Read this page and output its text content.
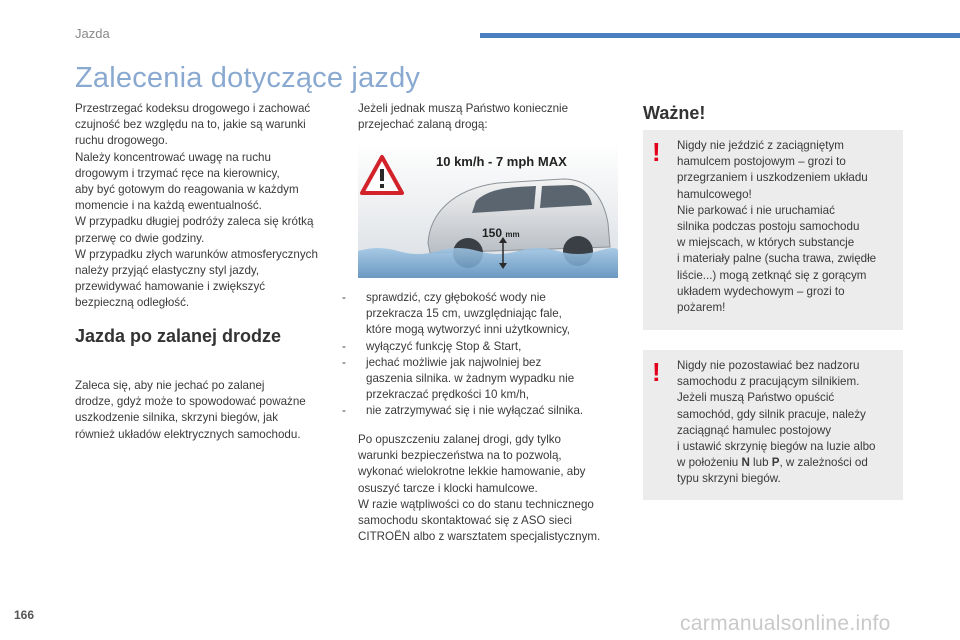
Jazda
Zalecenia dotyczące jazdy
Przestrzegać kodeksu drogowego i zachować
czujność bez względu na to, jakie są warunki
ruchu drogowego.
Należy koncentrować uwagę na ruchu
drogowym i trzymać ręce na kierownicy,
aby być gotowym do reagowania w każdym
momencie i na każdą ewentualność.
W przypadku długiej podróży zaleca się krótką
przerwę co dwie godziny.
W przypadku złych warunków atmosferycznych
należy przyjąć elastyczny styl jazdy,
przewidywać hamowanie i zwiększyć
bezpieczną odległość.
Jazda po zalanej drodze
Zaleca się, aby nie jechać po zalanej
drodze, gdyż może to spowodować poważne
uszkodzenie silnika, skrzyni biegów, jak
również układów elektrycznych samochodu.
Jeżeli jednak muszą Państwo koniecznie
przejechać zalaną drogą:
10 km/h - 7 mph MAX
150 mm
- sprawdzić, czy głębokość wody nie
przekracza 15 cm, uwzględniając fale,
które mogą wytworzyć inni użytkownicy,
- wyłączyć funkcję Stop & Start,
- jechać możliwie jak najwolniej bez
gaszenia silnika. w żadnym wypadku nie
przekraczać prędkości 10 km/h,
- nie zatrzymywać się i nie wyłączać silnika.
Po opuszczeniu zalanej drogi, gdy tylko
warunki bezpieczeństwa na to pozwolą,
wykonać wielokrotne lekkie hamowanie, aby
osuszyć tarcze i klocki hamulcowe.
W razie wątpliwości co do stanu technicznego
samochodu skontaktować się z ASO sieci
CITROËN albo z warsztatem specjalistycznym.
Ważne!
! Nigdy nie jeździć z zaciągniętym
hamulcem postojowym – grozi to
przegrzaniem i uszkodzeniem układu
hamulcowego!
Nie parkować i nie uruchamiać
silnika podczas postoju samochodu
w miejscach, w których substancje
i materiały palne (sucha trawa, zwiędłe
liście...) mogą zetknąć się z gorącym
układem wydechowym – grozi to
pożarem!
! Nigdy nie pozostawiać bez nadzoru
samochodu z pracującym silnikiem.
Jeżeli muszą Państwo opuścić
samochód, gdy silnik pracuje, należy
zaciągnąć hamulec postojowy
i ustawić skrzynię biegów na luzie albo
w położeniu N lub P, w zależności od
typu skrzyni biegów.
166	carmanualsonline.info
